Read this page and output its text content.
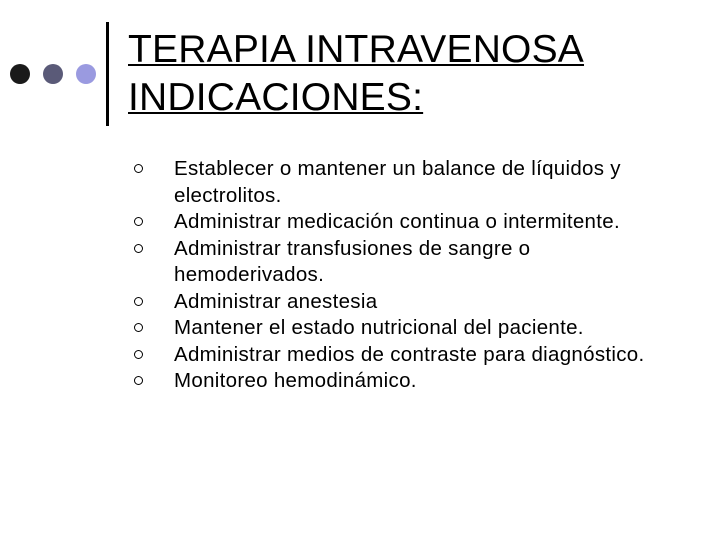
TERAPIA INTRAVENOSA
INDICACIONES:
Establecer o mantener un balance de líquidos y electrolitos.
Administrar medicación continua o intermitente.
Administrar transfusiones de sangre o hemoderivados.
Administrar anestesia
Mantener el estado nutricional del paciente.
Administrar medios de contraste para diagnóstico.
Monitoreo hemodinámico.
